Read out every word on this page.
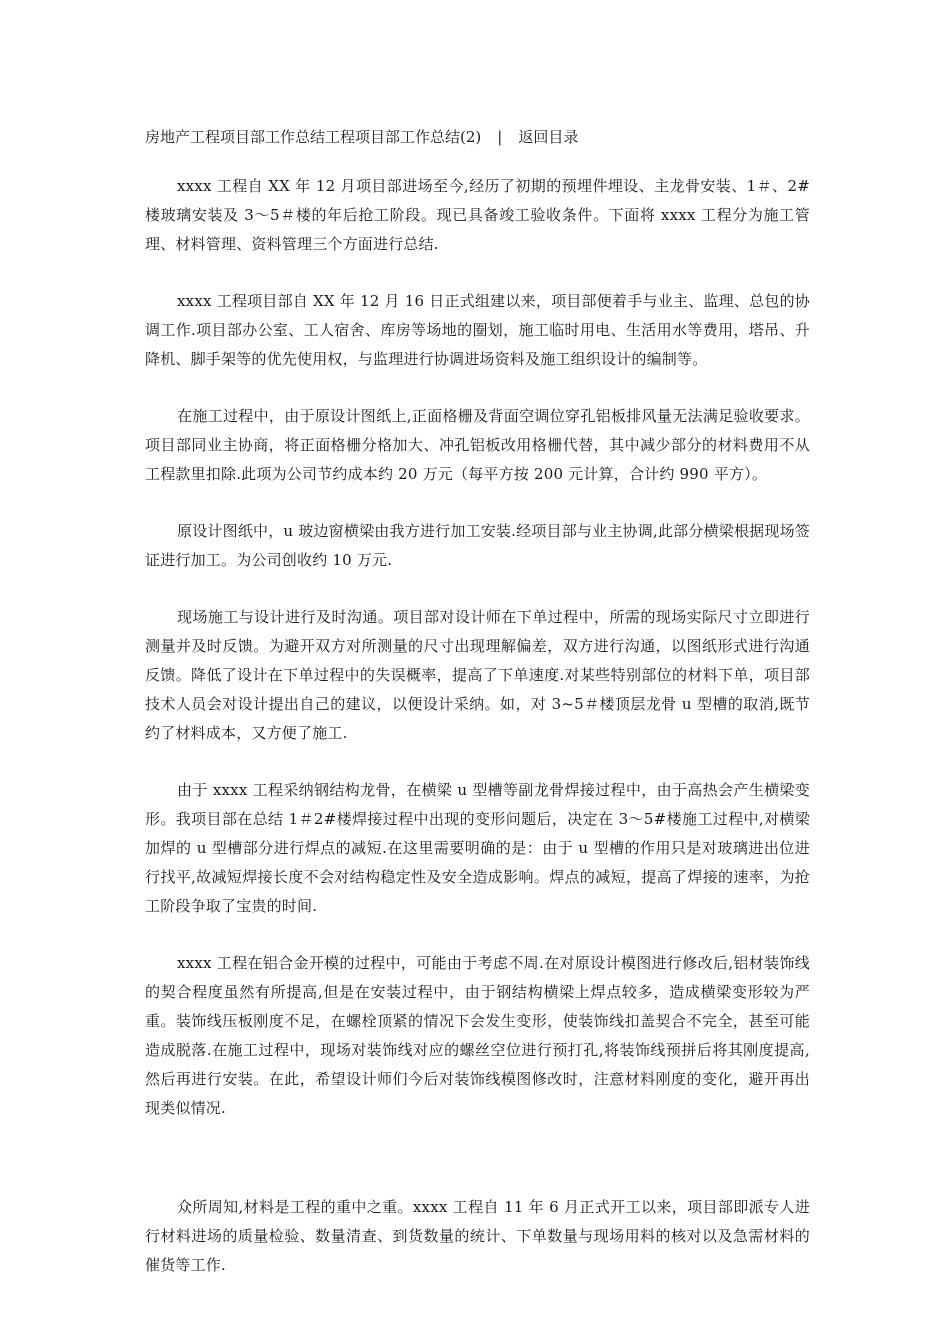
房地产工程项目部工作总结工程项目部工作总结(2) | 返回目录

xxxx 工程自 XX 年 12 月项目部进场至今,经历了初期的预埋件埋设、主龙骨安装、1＃、2#楼玻璃安装及 3～5＃楼的年后抢工阶段。现已具备竣工验收条件。下面将 xxxx 工程分为施工管理、材料管理、资料管理三个方面进行总结.

xxxx 工程项目部自 XX 年 12 月 16 日正式组建以来，项目部便着手与业主、监理、总包的协调工作.项目部办公室、工人宿舍、库房等场地的圈划，施工临时用电、生活用水等费用，塔吊、升降机、脚手架等的优先使用权，与监理进行协调进场资料及施工组织设计的编制等。

在施工过程中，由于原设计图纸上,正面格栅及背面空调位穿孔铝板排风量无法满足验收要求。项目部同业主协商，将正面格栅分格加大、冲孔铝板改用格栅代替，其中减少部分的材料费用不从工程款里扣除.此项为公司节约成本约 20 万元（每平方按 200 元计算，合计约 990 平方）。

原设计图纸中，u 玻边窗横梁由我方进行加工安装.经项目部与业主协调,此部分横梁根据现场签证进行加工。为公司创收约 10 万元.

现场施工与设计进行及时沟通。项目部对设计师在下单过程中，所需的现场实际尺寸立即进行测量并及时反馈。为避开双方对所测量的尺寸出现理解偏差，双方进行沟通，以图纸形式进行沟通反馈。降低了设计在下单过程中的失误概率，提高了下单速度.对某些特别部位的材料下单，项目部技术人员会对设计提出自己的建议，以便设计采纳。如，对 3~5＃楼顶层龙骨 u 型槽的取消,既节约了材料成本，又方便了施工.

由于 xxxx 工程采纳钢结构龙骨，在横梁 u 型槽等副龙骨焊接过程中，由于高热会产生横梁变形。我项目部在总结 1＃2#楼焊接过程中出现的变形问题后，决定在 3～5#楼施工过程中,对横梁加焊的 u 型槽部分进行焊点的减短.在这里需要明确的是：由于 u 型槽的作用只是对玻璃进出位进行找平,故减短焊接长度不会对结构稳定性及安全造成影响。焊点的减短，提高了焊接的速率，为抢工阶段争取了宝贵的时间.

xxxx 工程在铝合金开模的过程中，可能由于考虑不周.在对原设计模图进行修改后,铝材装饰线的契合程度虽然有所提高,但是在安装过程中，由于钢结构横梁上焊点较多，造成横梁变形较为严重。装饰线压板刚度不足，在螺栓顶紧的情况下会发生变形，使装饰线扣盖契合不完全，甚至可能造成脱落.在施工过程中，现场对装饰线对应的螺丝空位进行预打孔,将装饰线预拼后将其刚度提高,然后再进行安装。在此，希望设计师们今后对装饰线模图修改时，注意材料刚度的变化，避开再出现类似情况.

众所周知,材料是工程的重中之重。xxxx 工程自 11 年 6 月正式开工以来，项目部即派专人进行材料进场的质量检验、数量清查、到货数量的统计、下单数量与现场用料的核对以及急需材料的催货等工作.
